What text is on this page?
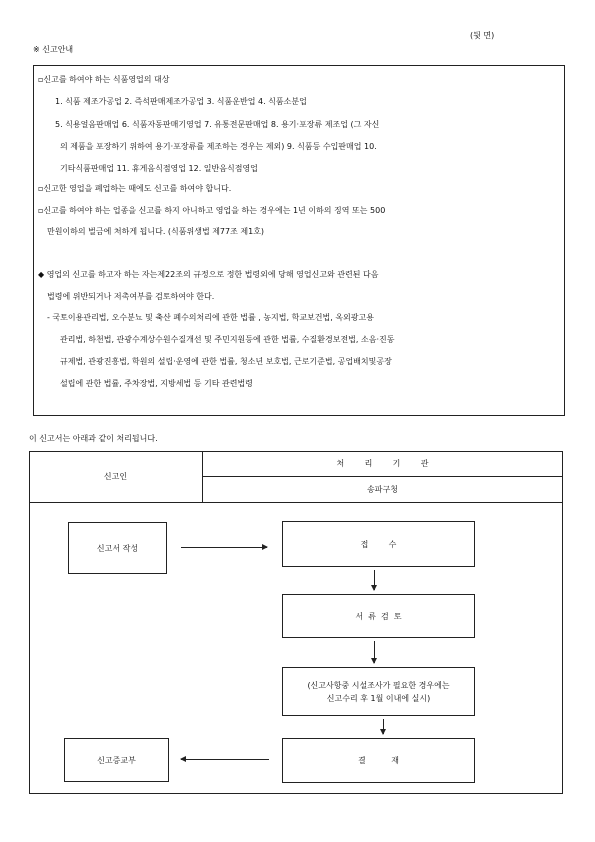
(뒷 면)
※ 신고안내
▫신고를 하여야 하는 식품영업의 대상
1. 식품 제조가공업 2. 즉석판매제조가공업 3. 식품운반업 4. 식품소분업
5. 식용얼음판매업 6. 식품자동판매기영업 7. 유통전문판매업 8. 용기·포장류 제조업 (그 자신
의 제품을 포장하기 위하여 용기·포장류를 제조하는 경우는 제외) 9. 식품등 수입판매업 10.
기타식품판매업 11. 휴게음식점영업 12. 일반음식점영업
▫신고한 영업을 폐업하는 때에도 신고를 하여야 합니다.
▫신고를 하여야 하는 업종을 신고를 하지 아니하고 영업을 하는 경우에는 1년 이하의 징역 또는 500
만원이하의 벌금에 처하게 됩니다. (식품위생법 제77조 제1호)
◆ 영업의 신고를 하고자 하는 자는제22조의 규정으로 정한 법령외에 당해 영업신고와 관련된 다음
법령에 위반되거나 저촉여부를 검토하여야 한다.
- 국토이용관리법, 오수분뇨 및 축산 폐수의처리에 관한 법률 , 농지법, 학교보건법, 옥외광고용
관리법, 하천법, 관광수계상수원수질개선 및 주민지원등에 관한 법률, 수질환경보전법, 소음·진동
규제법, 관광진흥법, 학원의 설립·운영에 관한 법률, 청소년 보호법, 근로기준법, 공업배치및공장
설립에 관한 법률, 주차장법, 지방세법 등 기타 관련법령
이 신고서는 아래과 같이 처리됩니다.
신고인
처        리        기        관
송파구청
신고서 작성	접        수
서  류  검  토
(신고사항중 시설조사가 필요한 경우에는
신고수리 후 1월 이내에 실시)
결          재
신고증교부
